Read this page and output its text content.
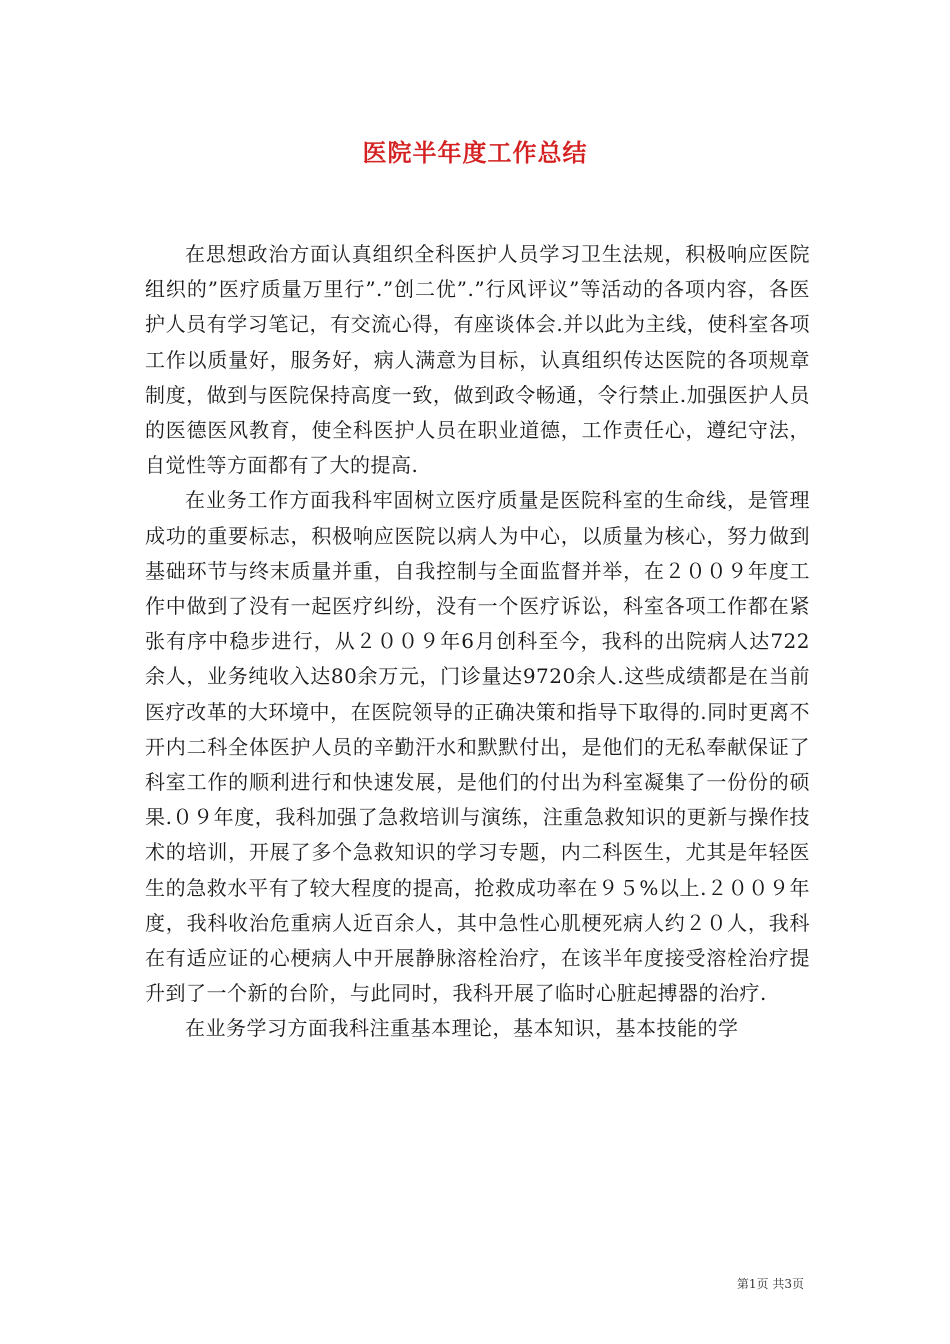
医院半年度工作总结

在思想政治方面认真组织全科医护人员学习卫生法规，积极响应医院组织的”医疗质量万里行”.”创二优”.”行风评议”等活动的各项内容，各医护人员有学习笔记，有交流心得，有座谈体会.并以此为主线，使科室各项工作以质量好，服务好，病人满意为目标，认真组织传达医院的各项规章制度，做到与医院保持高度一致，做到政令畅通，令行禁止.加强医护人员的医德医风教育，使全科医护人员在职业道德，工作责任心，遵纪守法，自觉性等方面都有了大的提高.

在业务工作方面我科牢固树立医疗质量是医院科室的生命线，是管理成功的重要标志，积极响应医院以病人为中心，以质量为核心，努力做到基础环节与终末质量并重，自我控制与全面监督并举，在２００９年度工作中做到了没有一起医疗纠纷，没有一个医疗诉讼，科室各项工作都在紧张有序中稳步进行，从２００９年6月创科至今，我科的出院病人达722余人，业务纯收入达80余万元，门诊量达9720余人.这些成绩都是在当前医疗改革的大环境中，在医院领导的正确决策和指导下取得的.同时更离不开内二科全体医护人员的辛勤汗水和默默付出，是他们的无私奉献保证了科室工作的顺利进行和快速发展，是他们的付出为科室凝集了一份份的硕果.０９年度，我科加强了急救培训与演练，注重急救知识的更新与操作技术的培训，开展了多个急救知识的学习专题，内二科医生，尤其是年轻医生的急救水平有了较大程度的提高，抢救成功率在９５%以上.２００９年度，我科收治危重病人近百余人，其中急性心肌梗死病人约２０人，我科在有适应证的心梗病人中开展静脉溶栓治疗，在该半年度接受溶栓治疗提升到了一个新的台阶，与此同时，我科开展了临时心脏起搏器的治疗.

在业务学习方面我科注重基本理论，基本知识，基本技能的学

第1页 共3页
